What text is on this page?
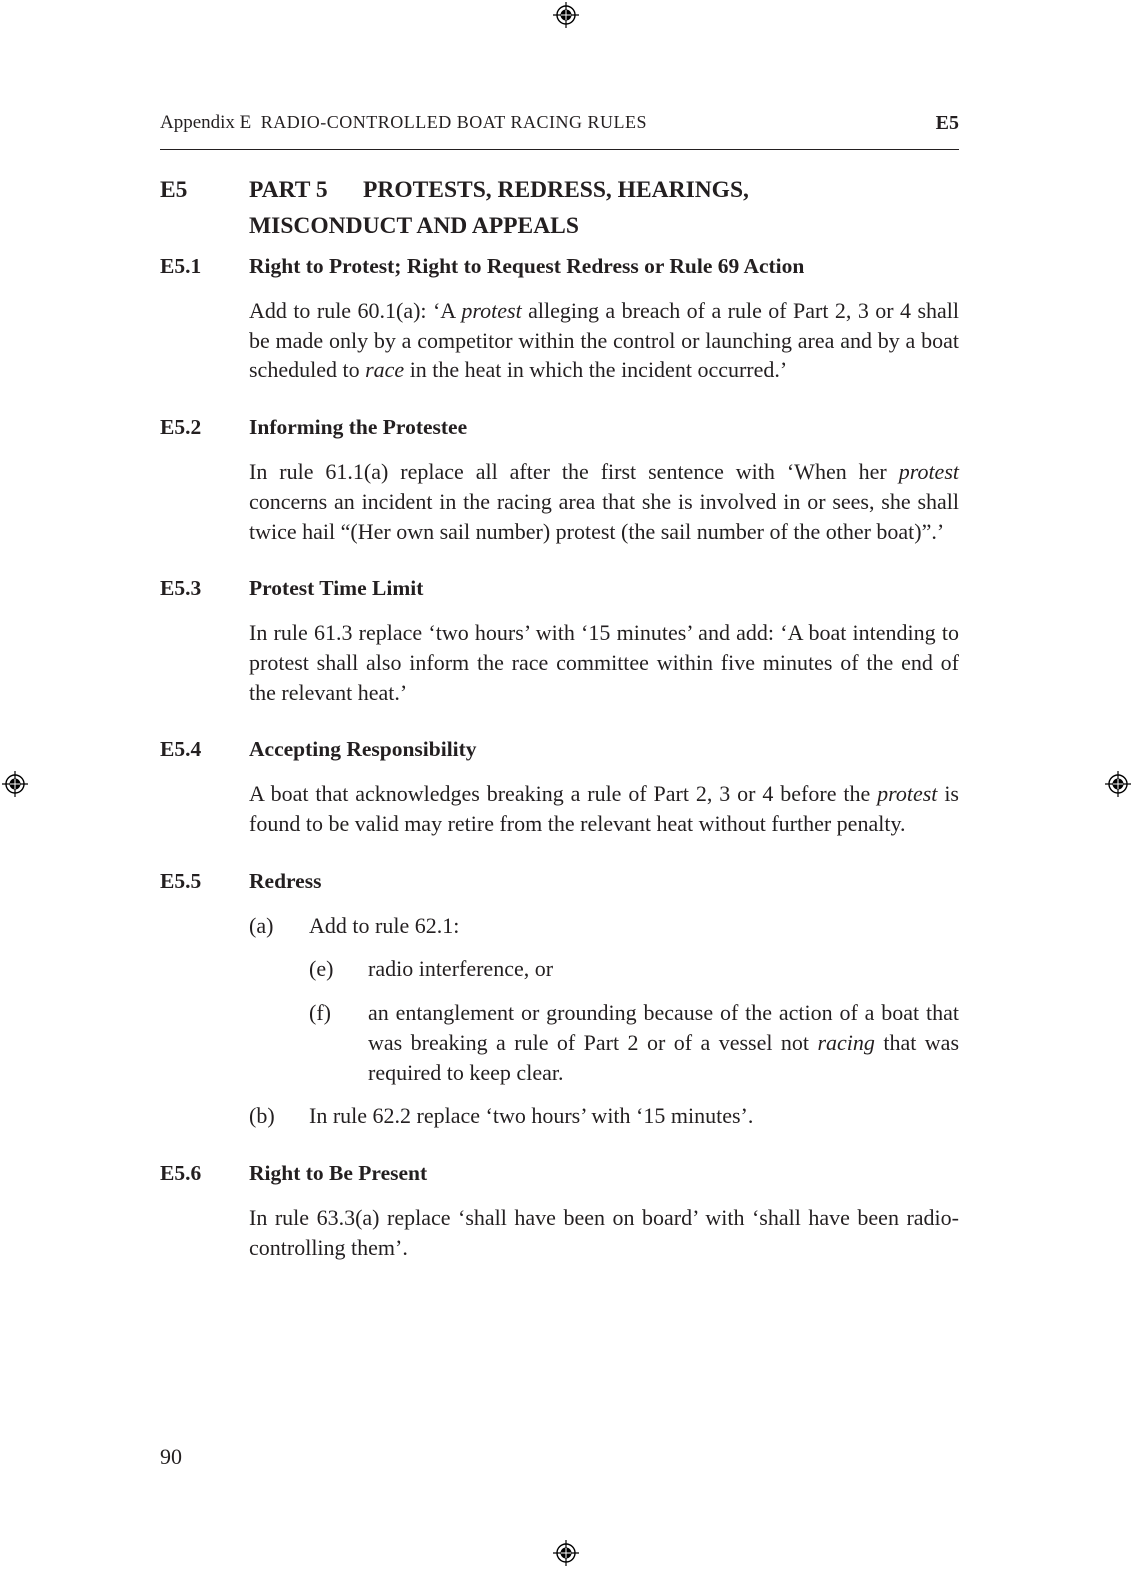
Appendix E RADIO-CONTROLLED BOAT RACING RULES	E5
E5	PART 5	PROTESTS, REDRESS, HEARINGS, MISCONDUCT AND APPEALS
E5.1 Right to Protest; Right to Request Redress or Rule 69 Action
Add to rule 60.1(a): ‘A protest alleging a breach of a rule of Part 2, 3 or 4 shall be made only by a competitor within the control or launching area and by a boat scheduled to race in the heat in which the incident occurred.’
E5.2 Informing the Protestee
In rule 61.1(a) replace all after the first sentence with ‘When her protest concerns an incident in the racing area that she is involved in or sees, she shall twice hail “(Her own sail number) protest (the sail number of the other boat)”.’
E5.3 Protest Time Limit
In rule 61.3 replace ‘two hours’ with ‘15 minutes’ and add: ‘A boat intending to protest shall also inform the race committee within five minutes of the end of the relevant heat.’
E5.4 Accepting Responsibility
A boat that acknowledges breaking a rule of Part 2, 3 or 4 before the protest is found to be valid may retire from the relevant heat without further penalty.
E5.5 Redress
(a) Add to rule 62.1:
(e) radio interference, or
(f) an entanglement or grounding because of the action of a boat that was breaking a rule of Part 2 or of a vessel not racing that was required to keep clear.
(b) In rule 62.2 replace ‘two hours’ with ‘15 minutes’.
E5.6 Right to Be Present
In rule 63.3(a) replace ‘shall have been on board’ with ‘shall have been radio-controlling them’.
90
